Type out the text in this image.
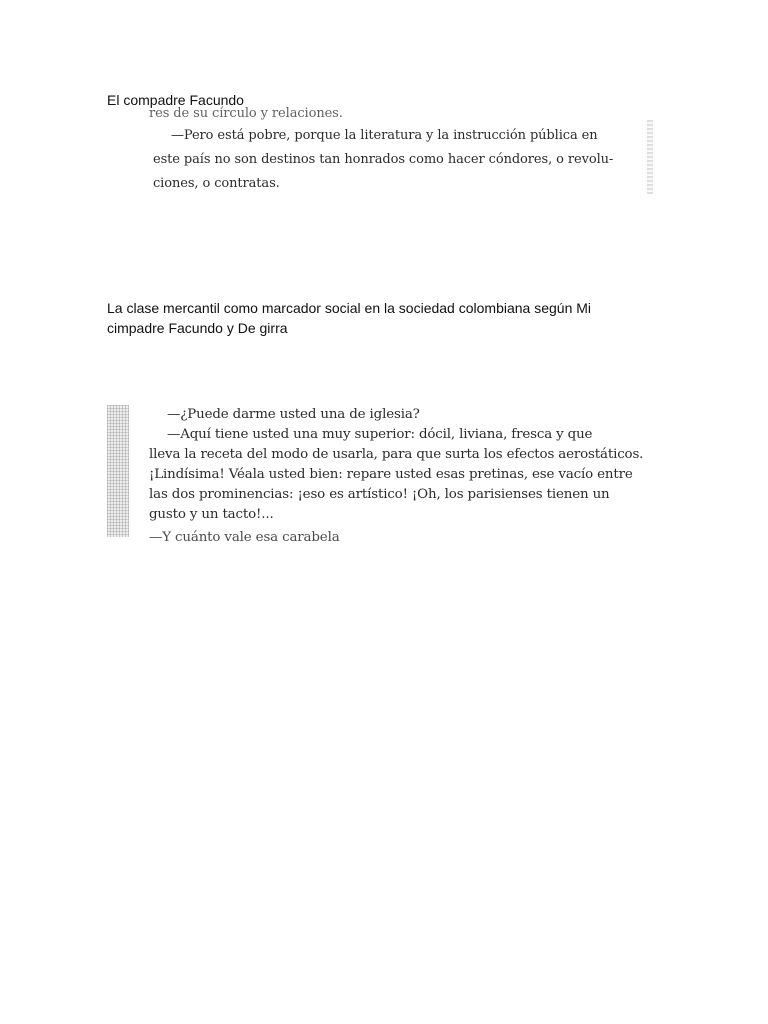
El compadre Facundo

res de su círculo y relaciones.

—Pero está pobre, porque la literatura y la instrucción pública en

este país no son destinos tan honrados como hacer cóndores, o revolu-

ciones, o contratas.

La clase mercantil como marcador social en la sociedad colombiana según Mi cimpadre Facundo y De girra

—¿Puede darme usted una de iglesia?

—Aquí tiene usted una muy superior: dócil, liviana, fresca y que

lleva la receta del modo de usarla, para que surta los efectos aerostáticos.

¡Lindísima! Véala usted bien: repare usted esas pretinas, ese vacío entre

las dos prominencias: ¡eso es artístico! ¡Oh, los parisienses tienen un

gusto y un tacto!...

—Y cuánto vale esa carabela
